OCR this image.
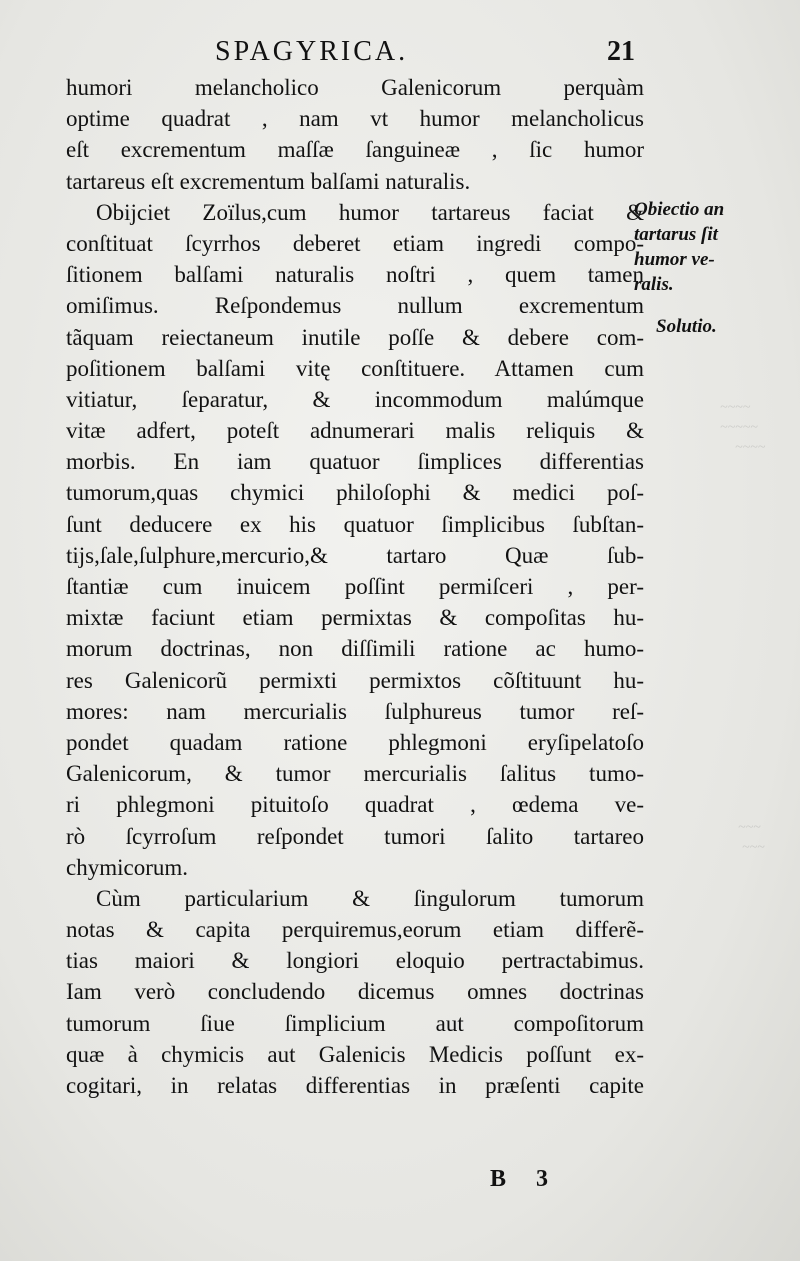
SPAGYRICA.	21
humori melancholico Galenicorum perquàm
optime quadrat , nam vt humor melancholicus
eſt excrementum maſſæ ſanguineæ , ſic humor
tartareus eſt excrementum balſami naturalis.
Obijciet Zoïlus,cum humor tartareus faciat &
conſtituat ſcyrrhos deberet etiam ingredi compo-
ſitionem balſami naturalis noſtri , quem tamen
omiſimus. Reſpondemus nullum excrementum
tãquam reiectaneum inutile poſſe & debere com-
poſitionem balſami vitę conſtituere. Attamen cum
vitiatur, ſeparatur, & incommodum malúmque
vitæ adfert, poteſt adnumerari malis reliquis &
morbis. En iam quatuor ſimplices differentias
tumorum,quas chymici philoſophi & medici poſ-
ſunt deducere ex his quatuor ſimplicibus ſubſtan-
tijs,ſale,ſulphure,mercurio,& tartaro Quæ ſub-
ſtantiæ cum inuicem poſſint permiſceri , per-
mixtæ faciunt etiam permixtas & compoſitas hu-
morum doctrinas, non diſſimili ratione ac humo-
res Galenicorũ permixti permixtos cõſtituunt hu-
mores: nam mercurialis ſulphureus tumor reſ-
pondet quadam ratione phlegmoni eryſipelatoſo
Galenicorum, & tumor mercurialis ſalitus tumo-
ri phlegmoni pituitoſo quadrat , œdema ve-
rò ſcyrroſum reſpondet tumori ſalito tartareo
chymicorum.
Cùm particularium & ſingulorum tumorum
notas & capita perquiremus,eorum etiam differẽ-
tias maiori & longiori eloquio pertractabimus.
Iam verò concludendo dicemus omnes doctrinas
tumorum ſiue ſimplicium aut compoſitorum
quæ à chymicis aut Galenicis Medicis poſſunt ex-
cogitari, in relatas differentias in præſenti capite
Obiectio an
tartarus ſit
humor ve-
ralis.
Solutio.
B 3
~~~~
~~~~~
~~~~
~~~
~~~
